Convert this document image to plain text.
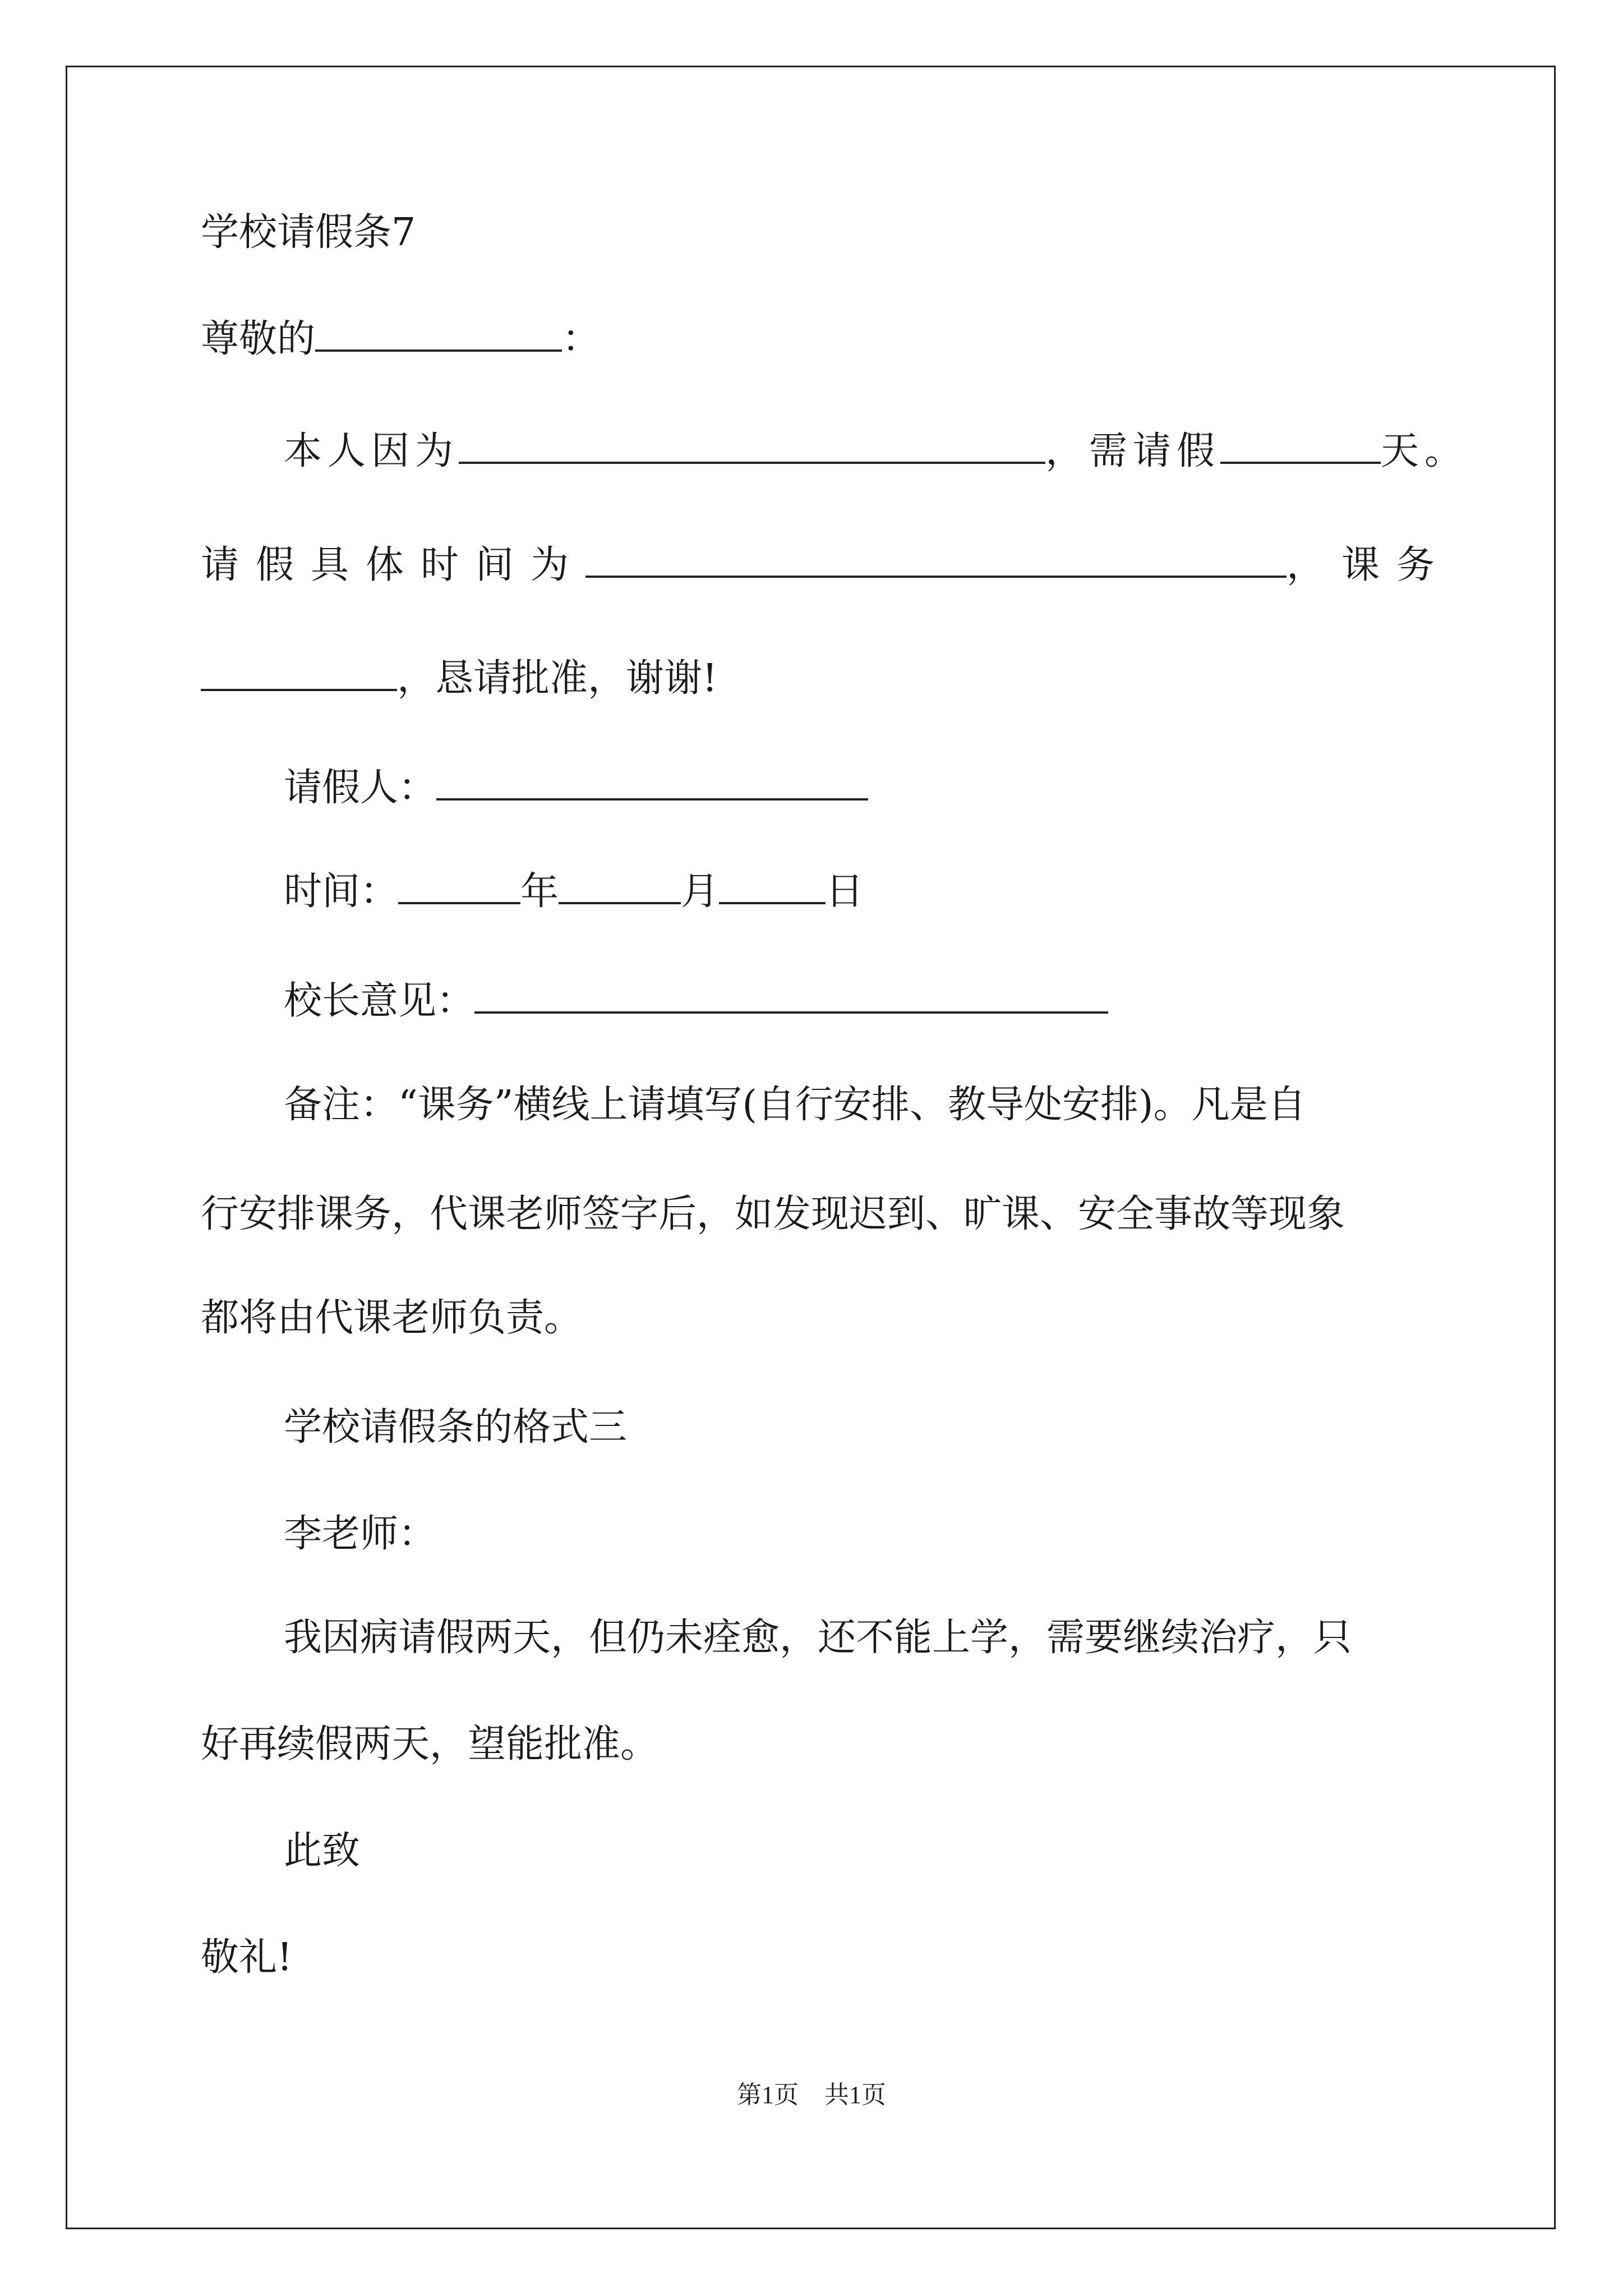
学校请假条7

尊敬的	：

本人因为	，需请假	天。

请假具体时间为	，课务

，恳请批准，谢谢!

请假人：

时间：	年	月	日

校长意见：

备注：“课务”横线上请填写(自行安排、教导处安排)。凡是自

行安排课务，代课老师签字后，如发现迟到、旷课、安全事故等现象

都将由代课老师负责。

学校请假条的格式三

李老师：

我因病请假两天，但仍未痊愈，还不能上学，需要继续治疗，只

好再续假两天，望能批准。

此致

敬礼!

第1页 共1页
